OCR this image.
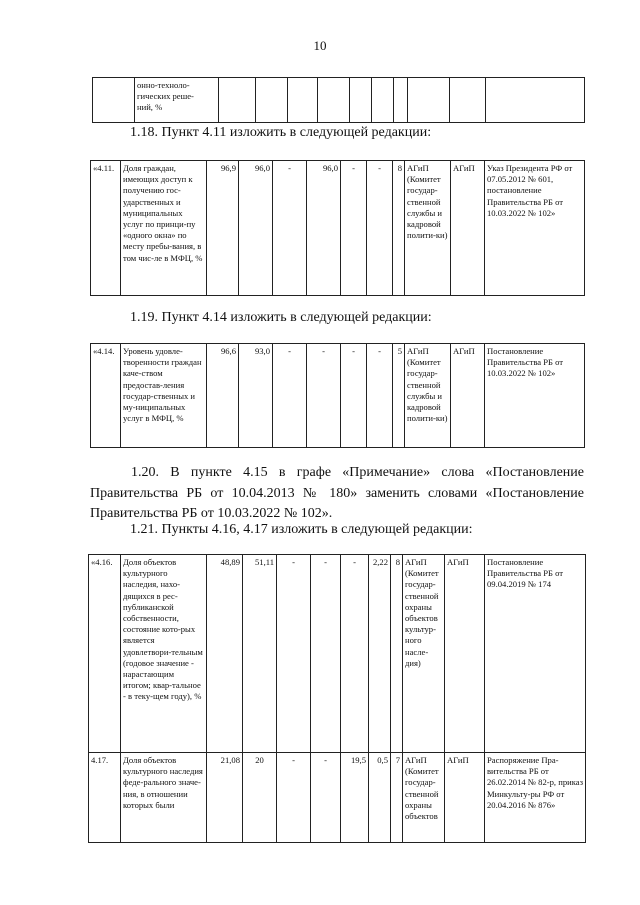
10
	онно-техноло-
гических реше-
ний, %										
1.18. Пункт 4.11 изложить в следующей редакции:
«4.11.	Доля граждан, имеющих доступ к получению гос-ударственных и муниципальных услуг по принци-пу «одного окна» по месту пребы-вания, в том чис-ле в МФЦ, %	96,9	96,0	-	96,0	-	-	8	АГиП (Комитет государ-ственной службы и кадровой полити-ки)	АГиП	Указ Президента РФ от 07.05.2012 № 601, постановление Правительства РБ от 10.03.2022 № 102»
1.19. Пункт 4.14 изложить в следующей редакции:
«4.14.	Уровень удовле-творенности граждан каче-ством предостав-ления государ-ственных и му-ниципальных услуг в МФЦ, %	96,6	93,0	-	-	-	-	5	АГиП (Комитет государ-ственной службы и кадровой полити-ки)	АГиП	Постановление Правительства РБ от 10.03.2022 № 102»
1.20. В пункте 4.15 в графе «Примечание» слова «Постановление
Правительства РБ от 10.04.2013 № 180» заменить словами «Постановление
Правительства РБ от 10.03.2022 № 102».
1.21. Пункты 4.16, 4.17 изложить в следующей редакции:
«4.16.	Доля объектов культурного наследия, нахо-дящихся в рес-публиканской собственности, состояние кото-рых является удовлетвори-тельным (годовое значение - нарастающим итогом; квар-тальное - в теку-щем году), %	48,89	51,11	-	-	-	2,22	8	АГиП (Комитет государ-ственной охраны объектов культур-ного насле-дия)	АГиП	Постановление Правительства РБ от 09.04.2019 № 174
4.17.	Доля объектов культурного наследия феде-рального значе-ния, в отношении которых были	21,08	20	-	-	19,5	0,5	7	АГиП (Комитет государ-ственной охраны объектов	АГиП	Распоряжение Пра-вительства РБ от 26.02.2014 № 82-р, приказ Минкульту-ры РФ от 20.04.2016 № 876»
